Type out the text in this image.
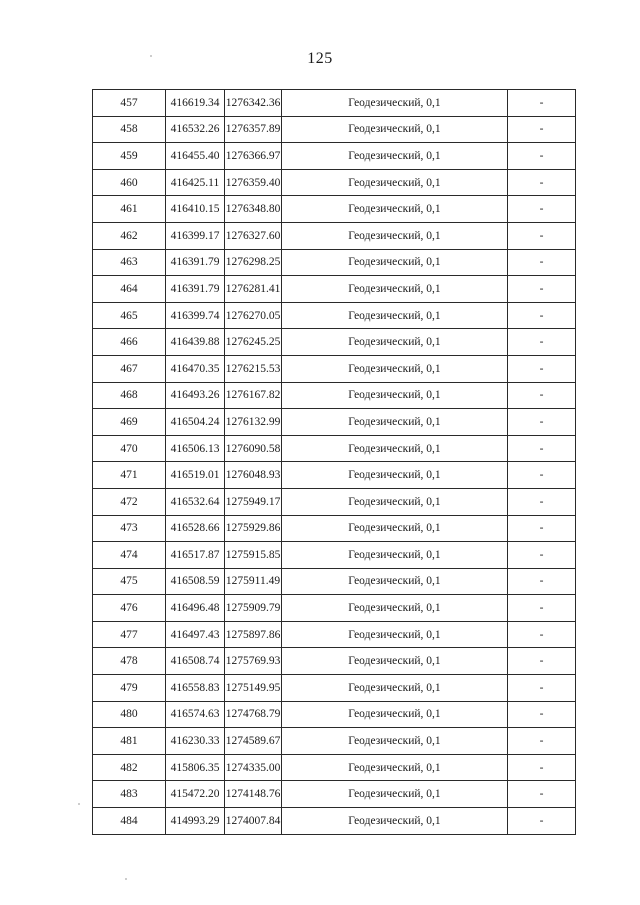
125
457	416619.34	1276342.36	Геодезический, 0,1	-
458	416532.26	1276357.89	Геодезический, 0,1	-
459	416455.40	1276366.97	Геодезический, 0,1	-
460	416425.11	1276359.40	Геодезический, 0,1	-
461	416410.15	1276348.80	Геодезический, 0,1	-
462	416399.17	1276327.60	Геодезический, 0,1	-
463	416391.79	1276298.25	Геодезический, 0,1	-
464	416391.79	1276281.41	Геодезический, 0,1	-
465	416399.74	1276270.05	Геодезический, 0,1	-
466	416439.88	1276245.25	Геодезический, 0,1	-
467	416470.35	1276215.53	Геодезический, 0,1	-
468	416493.26	1276167.82	Геодезический, 0,1	-
469	416504.24	1276132.99	Геодезический, 0,1	-
470	416506.13	1276090.58	Геодезический, 0,1	-
471	416519.01	1276048.93	Геодезический, 0,1	-
472	416532.64	1275949.17	Геодезический, 0,1	-
473	416528.66	1275929.86	Геодезический, 0,1	-
474	416517.87	1275915.85	Геодезический, 0,1	-
475	416508.59	1275911.49	Геодезический, 0,1	-
476	416496.48	1275909.79	Геодезический, 0,1	-
477	416497.43	1275897.86	Геодезический, 0,1	-
478	416508.74	1275769.93	Геодезический, 0,1	-
479	416558.83	1275149.95	Геодезический, 0,1	-
480	416574.63	1274768.79	Геодезический, 0,1	-
481	416230.33	1274589.67	Геодезический, 0,1	-
482	415806.35	1274335.00	Геодезический, 0,1	-
483	415472.20	1274148.76	Геодезический, 0,1	-
484	414993.29	1274007.84	Геодезический, 0,1	-
